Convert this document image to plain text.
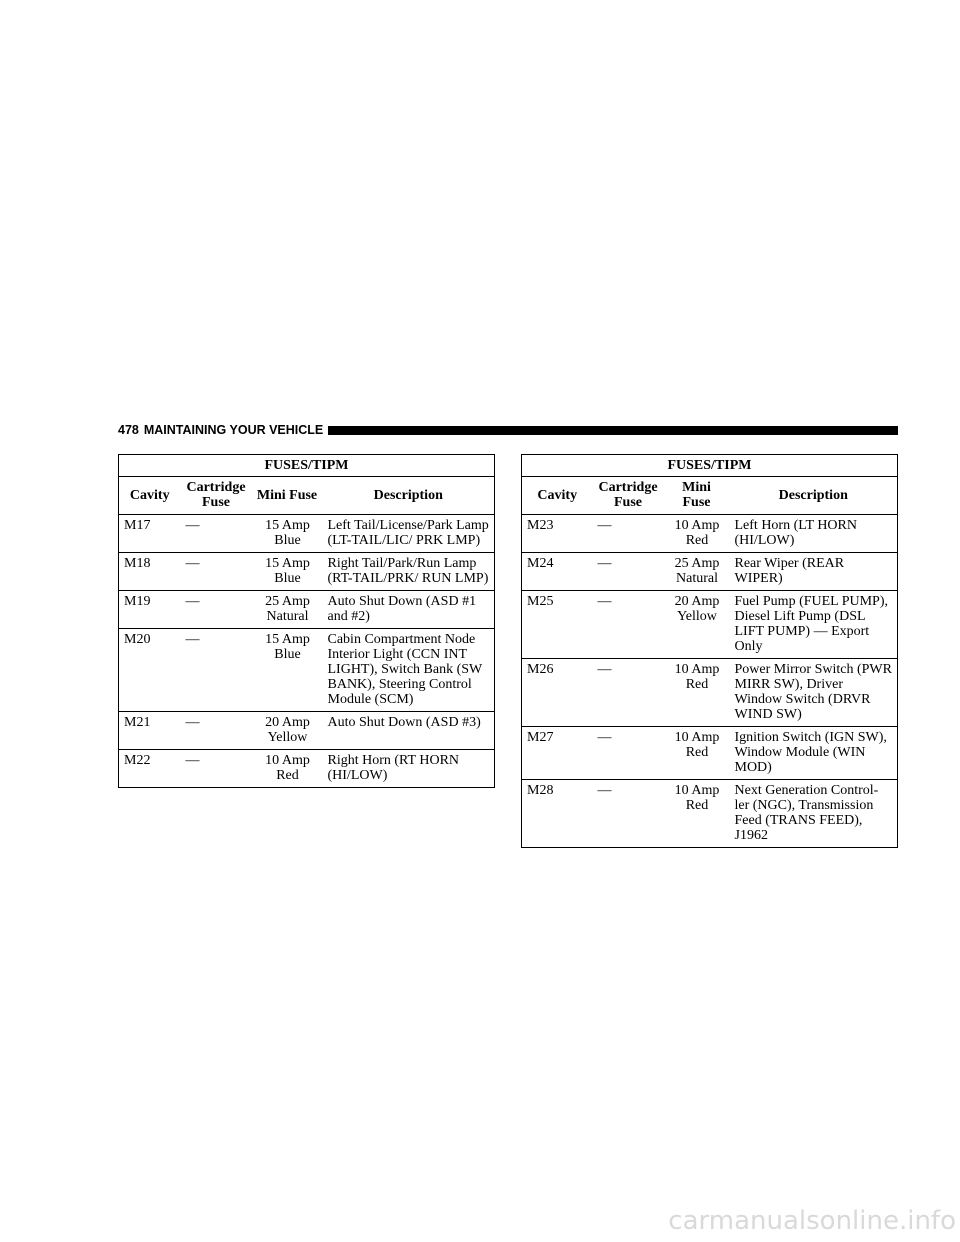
478 MAINTAINING YOUR VEHICLE
FUSES/TIPM			
Cavity	Cartridge Fuse	Mini Fuse	Description
M17	—	15 Amp Blue	Left Tail/License/Park Lamp (LT-TAIL/LIC/ PRK LMP)
M18	—	15 Amp Blue	Right Tail/Park/Run Lamp (RT-TAIL/PRK/ RUN LMP)
M19	—	25 Amp Natural	Auto Shut Down (ASD #1 and #2)
M20	—	15 Amp Blue	Cabin Compartment Node Interior Light (CCN INT LIGHT), Switch Bank (SW BANK), Steering Control Module (SCM)
M21	—	20 Amp Yellow	Auto Shut Down (ASD #3)
M22	—	10 Amp Red	Right Horn (RT HORN (HI/LOW)
FUSES/TIPM			
Cavity	Cartridge Fuse	Mini Fuse	Description
M23	—	10 Amp Red	Left Horn (LT HORN (HI/LOW)
M24	—	25 Amp Natural	Rear Wiper (REAR WIPER)
M25	—	20 Amp Yellow	Fuel Pump (FUEL PUMP), Diesel Lift Pump (DSL LIFT PUMP) — Export Only
M26	—	10 Amp Red	Power Mirror Switch (PWR MIRR SW), Driver Window Switch (DRVR WIND SW)
M27	—	10 Amp Red	Ignition Switch (IGN SW), Window Module (WIN MOD)
M28	—	10 Amp Red	Next Generation Control- ler (NGC), Transmission Feed (TRANS FEED), J1962
carmanualsonline.info
